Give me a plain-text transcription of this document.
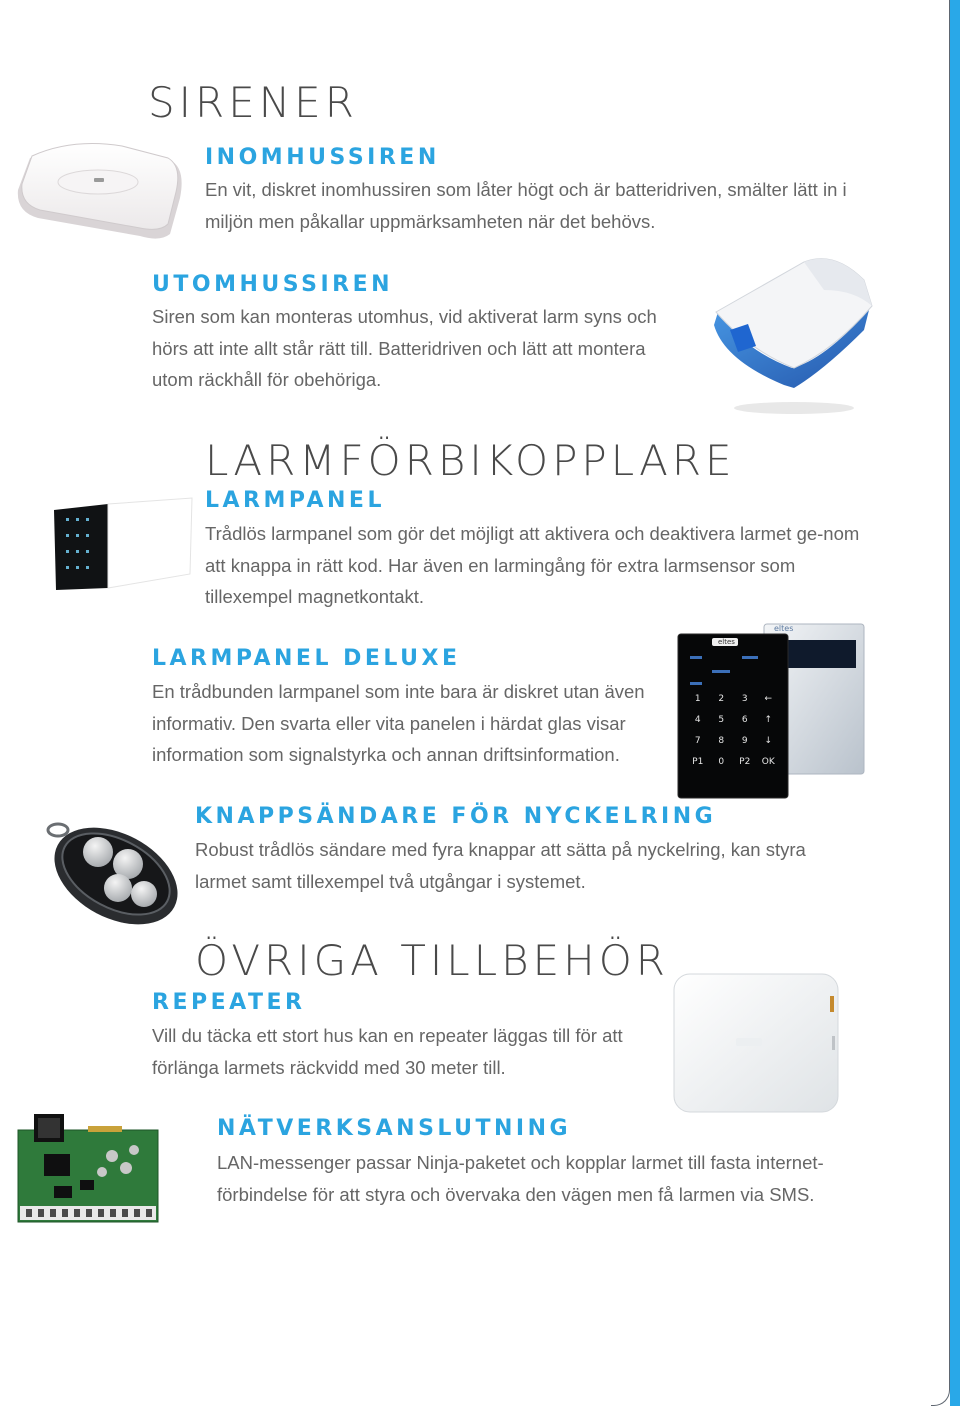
SIRENER
INOMHUSSIREN

En vit, diskret inomhussiren som låter högt och är batteridriven, smälter lätt in i miljön men påkallar uppmärksamheten när det behövs.

UTOMHUSSIREN

Siren som kan monteras utomhus, vid aktiverat larm syns och hörs att inte allt står rätt till. Batteridriven och lätt att montera utom räckhåll för obehöriga.

LARMFÖRBIKOPPLARE
LARMPANEL

Trådlös larmpanel som gör det möjligt att aktivera och deaktivera larmet ge-nom att knappa in rätt kod. Har även en larmingång för extra larmsensor som tillexempel magnetkontakt.

LARMPANEL DELUXE

En trådbunden larmpanel som inte bara är diskret utan även informativ. Den svarta eller vita panelen i härdat glas visar information som signalstyrka och annan driftsinformation.

eltes
eltes
1	2	3	←
4	5	6	↑
7	8	9	↓
P1	0	P2	OK
KNAPPSÄNDARE FÖR NYCKELRING

Robust trådlös sändare med fyra knappar att sätta på nyckelring, kan styra larmet samt tillexempel två utgångar i systemet.

ÖVRIGA TILLBEHÖR
REPEATER

Vill du täcka ett stort hus kan en repeater läggas till för att förlänga larmets räckvidd med 30 meter till.

NÄTVERKSANSLUTNING

LAN-messenger passar Ninja-paketet och kopplar larmet till fasta internet-förbindelse för att styra och övervaka den vägen men få larmen via SMS.
